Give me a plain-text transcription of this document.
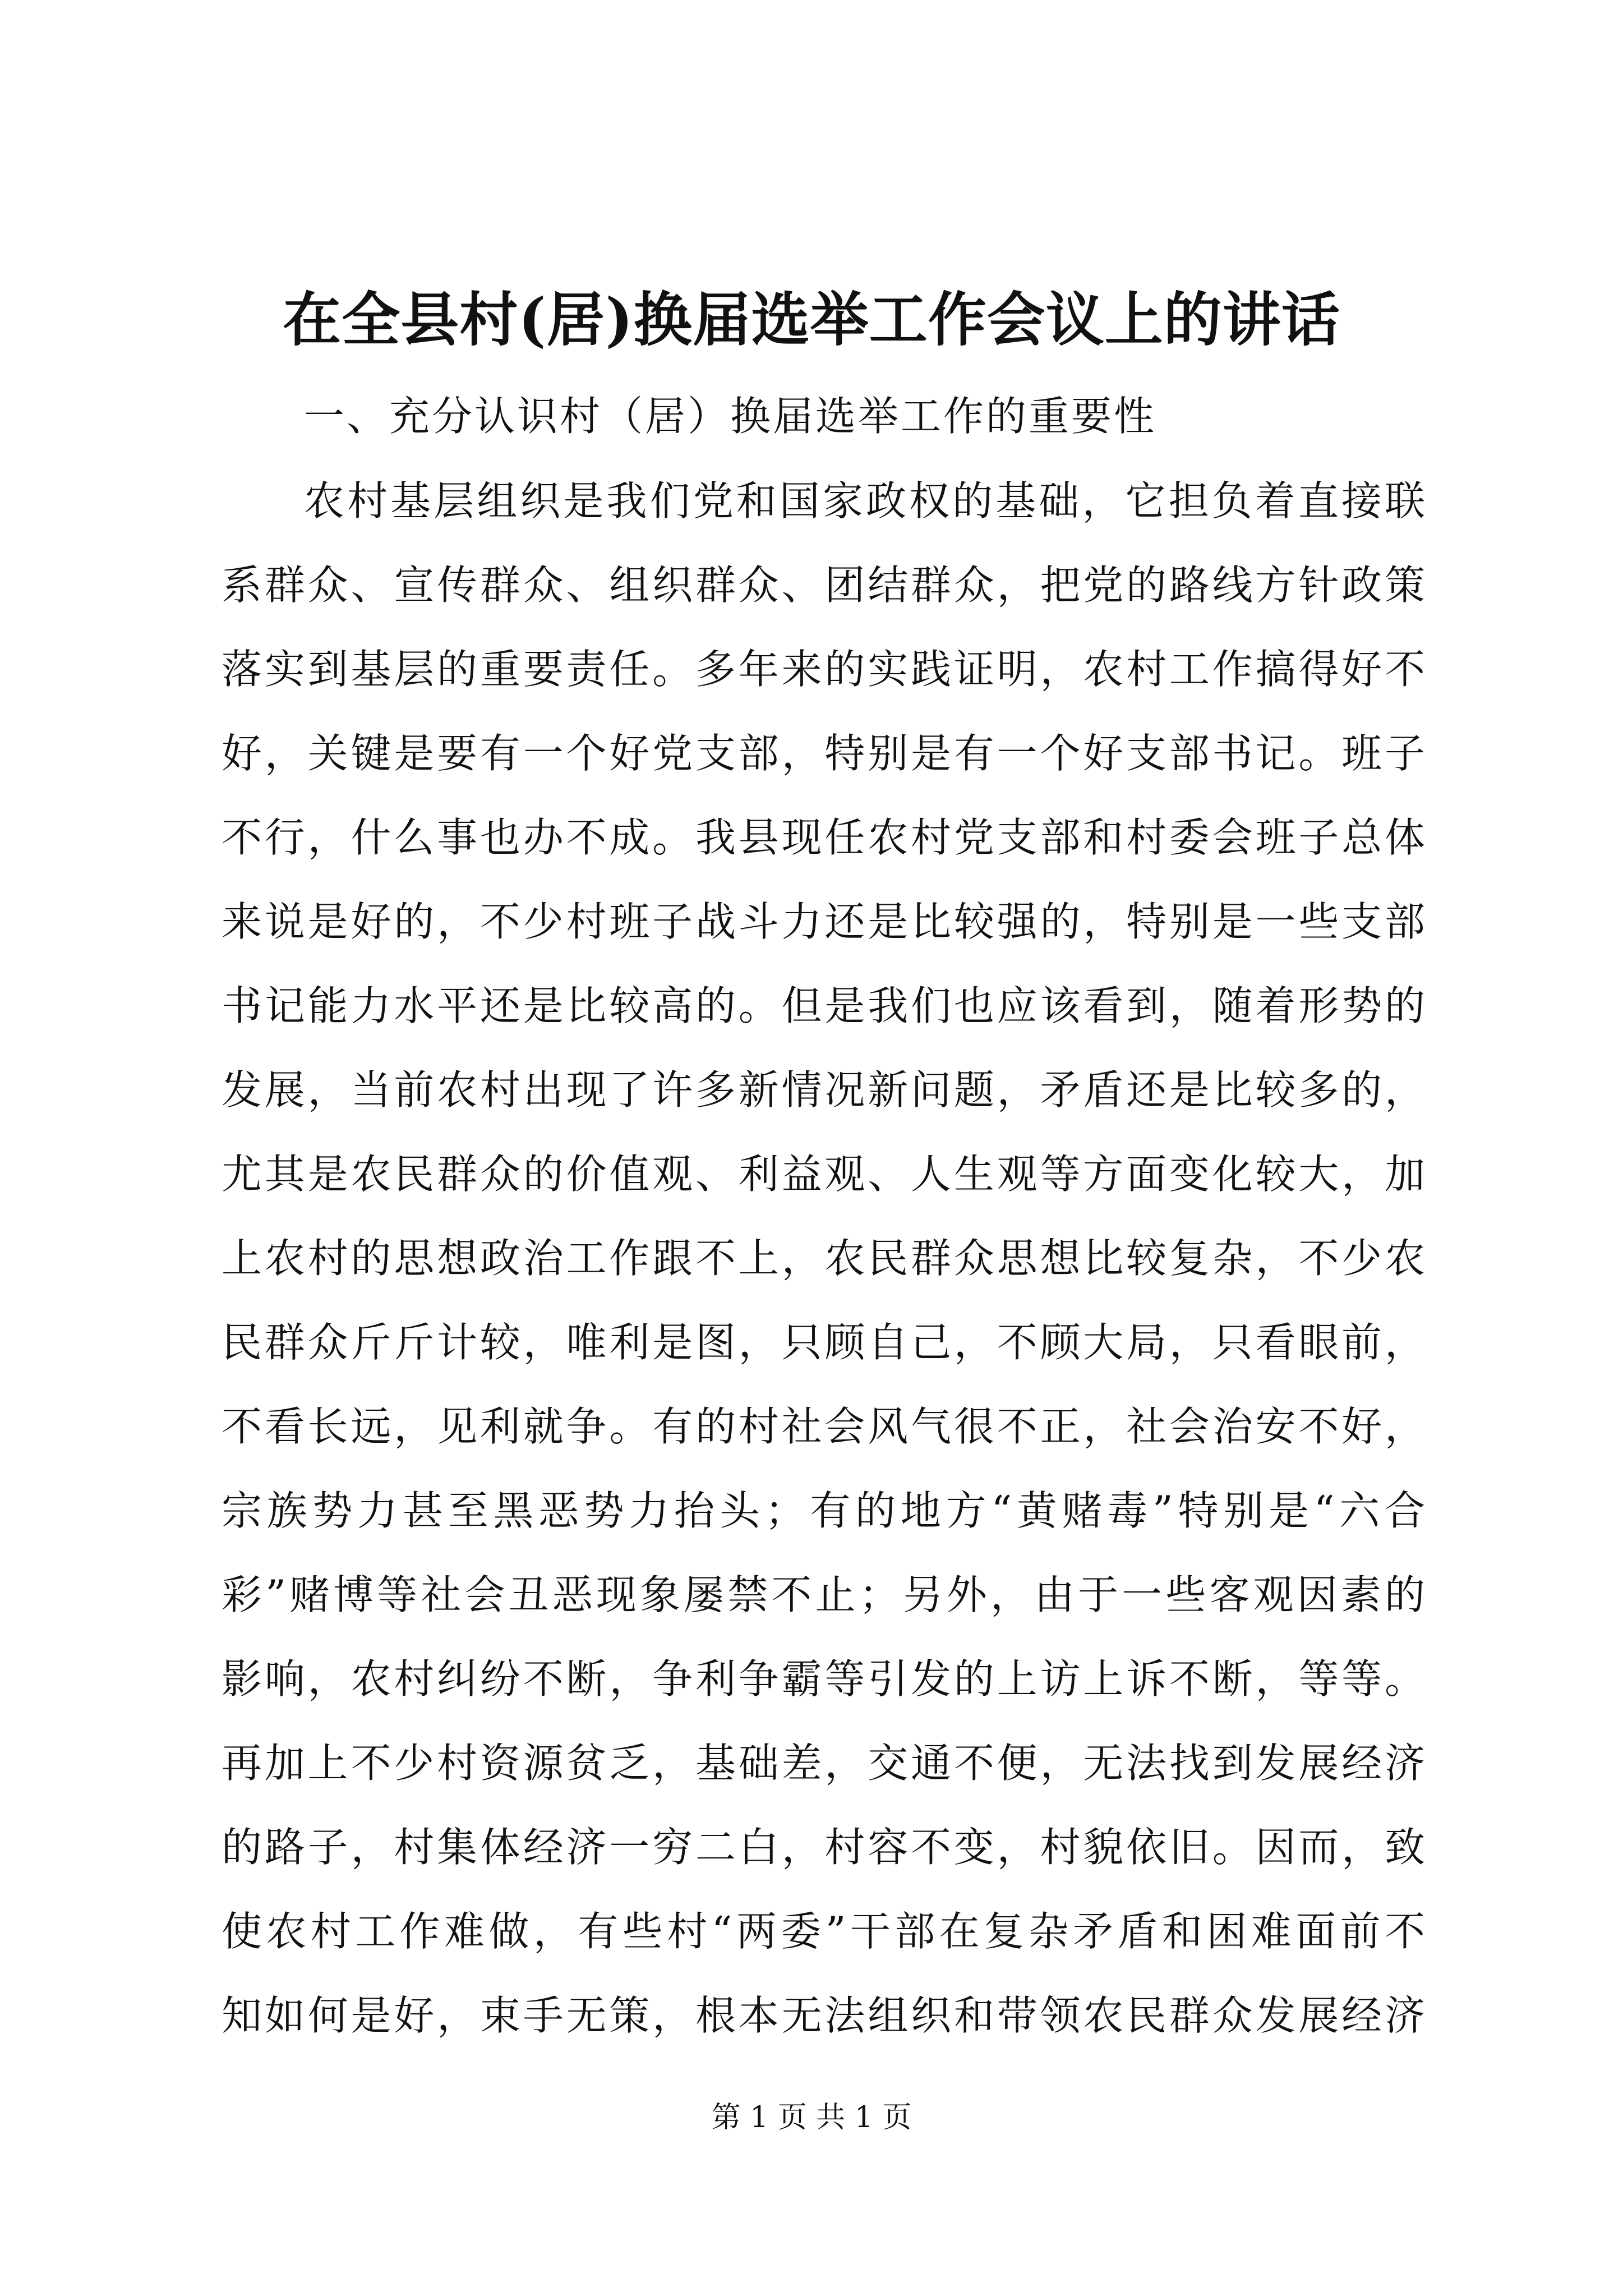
在全县村(居)换届选举工作会议上的讲话
一、充分认识村（居）换届选举工作的重要性
农村基层组织是我们党和国家政权的基础，它担负着直接联
系群众、宣传群众、组织群众、团结群众，把党的路线方针政策
落实到基层的重要责任。多年来的实践证明，农村工作搞得好不
好，关键是要有一个好党支部，特别是有一个好支部书记。班子
不行，什么事也办不成。我县现任农村党支部和村委会班子总体
来说是好的，不少村班子战斗力还是比较强的，特别是一些支部
书记能力水平还是比较高的。但是我们也应该看到，随着形势的
发展，当前农村出现了许多新情况新问题，矛盾还是比较多的，
尤其是农民群众的价值观、利益观、人生观等方面变化较大，加
上农村的思想政治工作跟不上，农民群众思想比较复杂，不少农
民群众斤斤计较，唯利是图，只顾自己，不顾大局，只看眼前，
不看长远，见利就争。有的村社会风气很不正，社会治安不好，
宗族势力甚至黑恶势力抬头；有的地方“黄赌毒”特别是“六合
彩”赌博等社会丑恶现象屡禁不止；另外，由于一些客观因素的
影响，农村纠纷不断，争利争霸等引发的上访上诉不断，等等。
再加上不少村资源贫乏，基础差，交通不便，无法找到发展经济
的路子，村集体经济一穷二白，村容不变，村貌依旧。因而，致
使农村工作难做，有些村“两委”干部在复杂矛盾和困难面前不
知如何是好，束手无策，根本无法组织和带领农民群众发展经济
第 1 页 共 1 页
